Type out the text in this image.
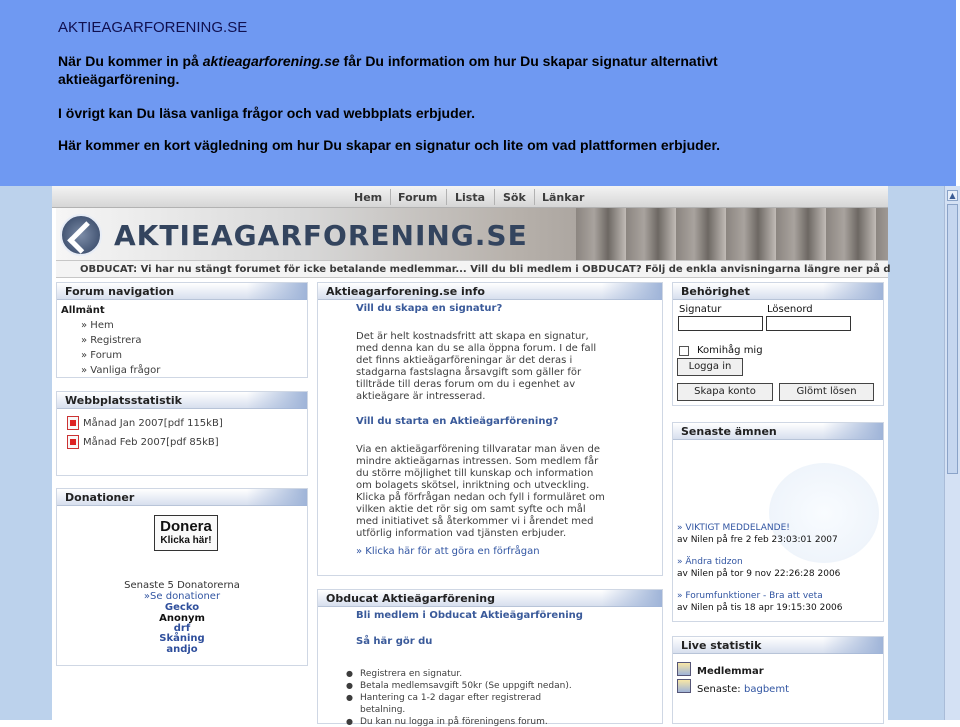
AKTIEAGARFORENING.SE

När Du kommer in på aktieagarforening.se får Du information om hur Du skapar signatur alternativt aktieägarförening.

I övrigt kan Du läsa vanliga frågor och vad webbplats erbjuder.

Här kommer en kort vägledning om hur Du skapar en signatur och lite om vad plattformen erbjuder.

Hem Forum Lista Sök Länkar
AKTIEAGARFORENING.SE
OBDUCAT: Vi har nu stängt forumet för icke betalande medlemmar... Vill du bli medlem i OBDUCAT? Följ de enkla anvisningarna längre ner på d
Forum navigation
Allmänt
» Hem
» Registrera
» Forum
» Vanliga frågor
Webbplatsstatistik
Månad Jan 2007[pdf 115kB]
Månad Feb 2007[pdf 85kB]
Donationer
Donera
Klicka här!
Senaste 5 Donatorerna
»Se donationer
Gecko
Anonym
drf
Skåning
andjo
Aktieagarforening.se info
Vill du skapa en signatur?
Det är helt kostnadsfritt att skapa en signatur,
med denna kan du se alla öppna forum. I de fall
det finns aktieägarföreningar är det deras i
stadgarna fastslagna årsavgift som gäller för
tillträde till deras forum om du i egenhet av
aktieägare är intresserad.
Vill du starta en Aktieägarförening?
Via en aktieägarförening tillvaratar man även de
mindre aktieägarnas intressen. Som medlem får
du större möjlighet till kunskap och information
om bolagets skötsel, inriktning och utveckling.
Klicka på förfrågan nedan och fyll i formuläret om
vilken aktie det rör sig om samt syfte och mål
med initiativet så återkommer vi i årendet med
utförlig information vad tjänsten erbjuder.
» Klicka här för att göra en förfrågan
Obducat Aktieägarförening
Bli medlem i Obducat Aktieägarförening
Så här gör du
● Registrera en signatur.
● Betala medlemsavgift 50kr (Se uppgift nedan).
● Hantering ca 1-2 dagar efter registrerad
betalning.
● Du kan nu logga in på föreningens forum.
Behörighet
Signatur	Lösenord
Komihåg mig
Logga in
Skapa konto	Glömt lösen
Senaste ämnen
» VIKTIGT MEDDELANDE!
av Nilen på fre 2 feb 23:03:01 2007
» Ändra tidzon
av Nilen på tor 9 nov 22:26:28 2006
» Forumfunktioner - Bra att veta
av Nilen på tis 18 apr 19:15:30 2006
Live statistik
Medlemmar
Senaste: bagbemt
▲
